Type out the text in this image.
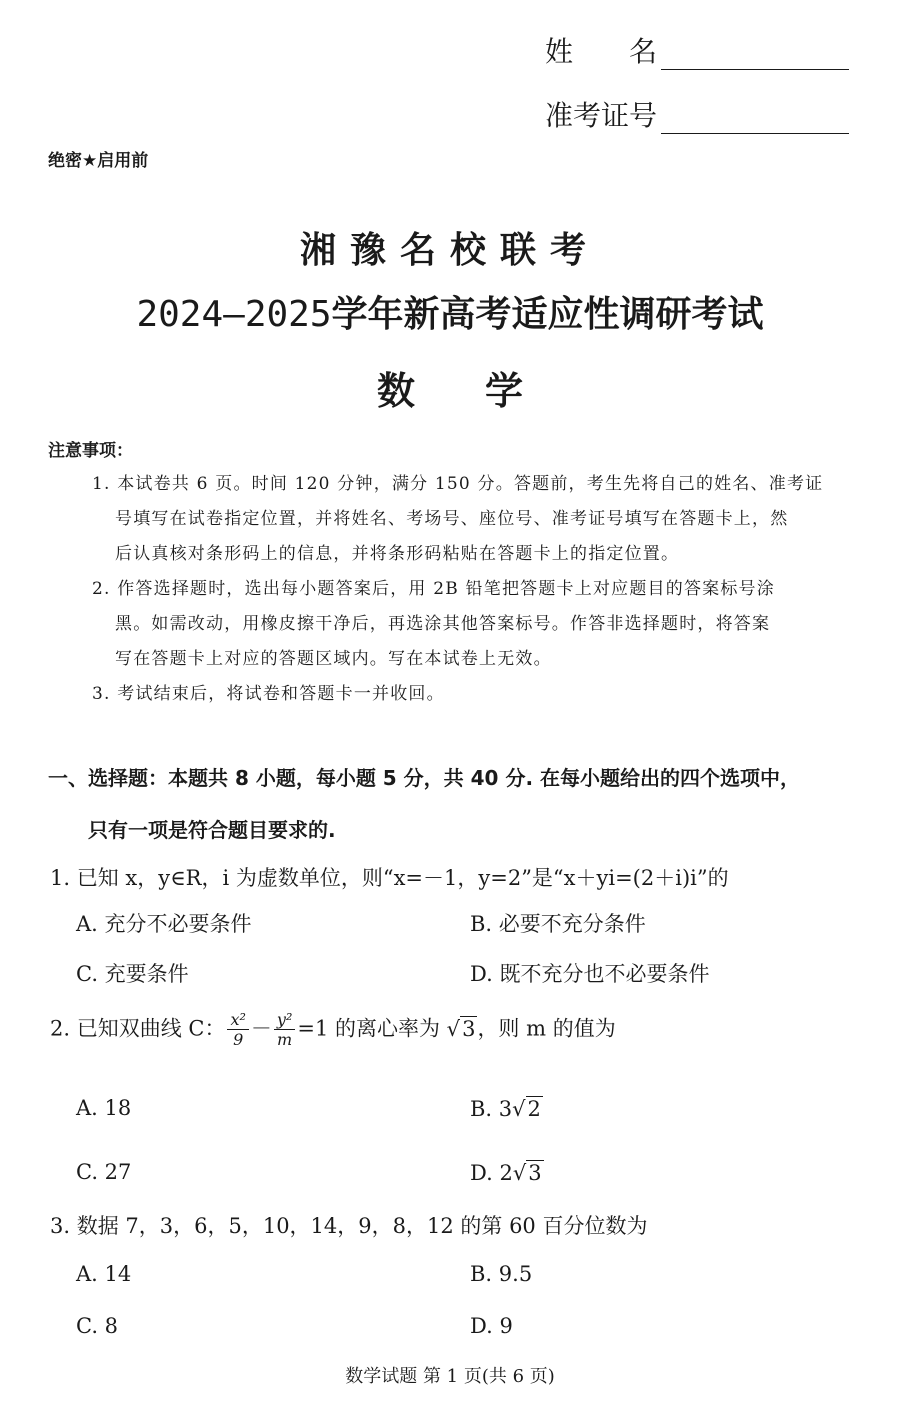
姓　　名
准考证号
绝密★启用前
湘豫名校联考
2024—2025学年新高考适应性调研考试
数学
注意事项：
1. 本试卷共 6 页。时间 120 分钟，满分 150 分。答题前，考生先将自己的姓名、准考证
号填写在试卷指定位置，并将姓名、考场号、座位号、准考证号填写在答题卡上，然
后认真核对条形码上的信息，并将条形码粘贴在答题卡上的指定位置。
2. 作答选择题时，选出每小题答案后，用 2B 铅笔把答题卡上对应题目的答案标号涂
黑。如需改动，用橡皮擦干净后，再选涂其他答案标号。作答非选择题时，将答案
写在答题卡上对应的答题区域内。写在本试卷上无效。
3. 考试结束后，将试卷和答题卡一并收回。
一、选择题：本题共 8 小题，每小题 5 分，共 40 分. 在每小题给出的四个选项中，
只有一项是符合题目要求的.
1. 已知 x，y∈R，i 为虚数单位，则“x=－1，y=2”是“x＋yi=(2＋i)i”的
A. 充分不必要条件	B. 必要不充分条件
C. 充要条件	D. 既不充分也不必要条件
2. 已知双曲线 C： $\frac{\text{x²}}{9} - \frac{\text{y²}}{m} =1$ 的离心率为 √3，则 m 的值为
A. 18	B. 3√2
C. 27	D. 2√3
3. 数据 7，3，6，5，10，14，9，8，12 的第 60 百分位数为
A. 14	B. 9.5
C. 8	D. 9
数学试题 第 1 页(共 6 页)
